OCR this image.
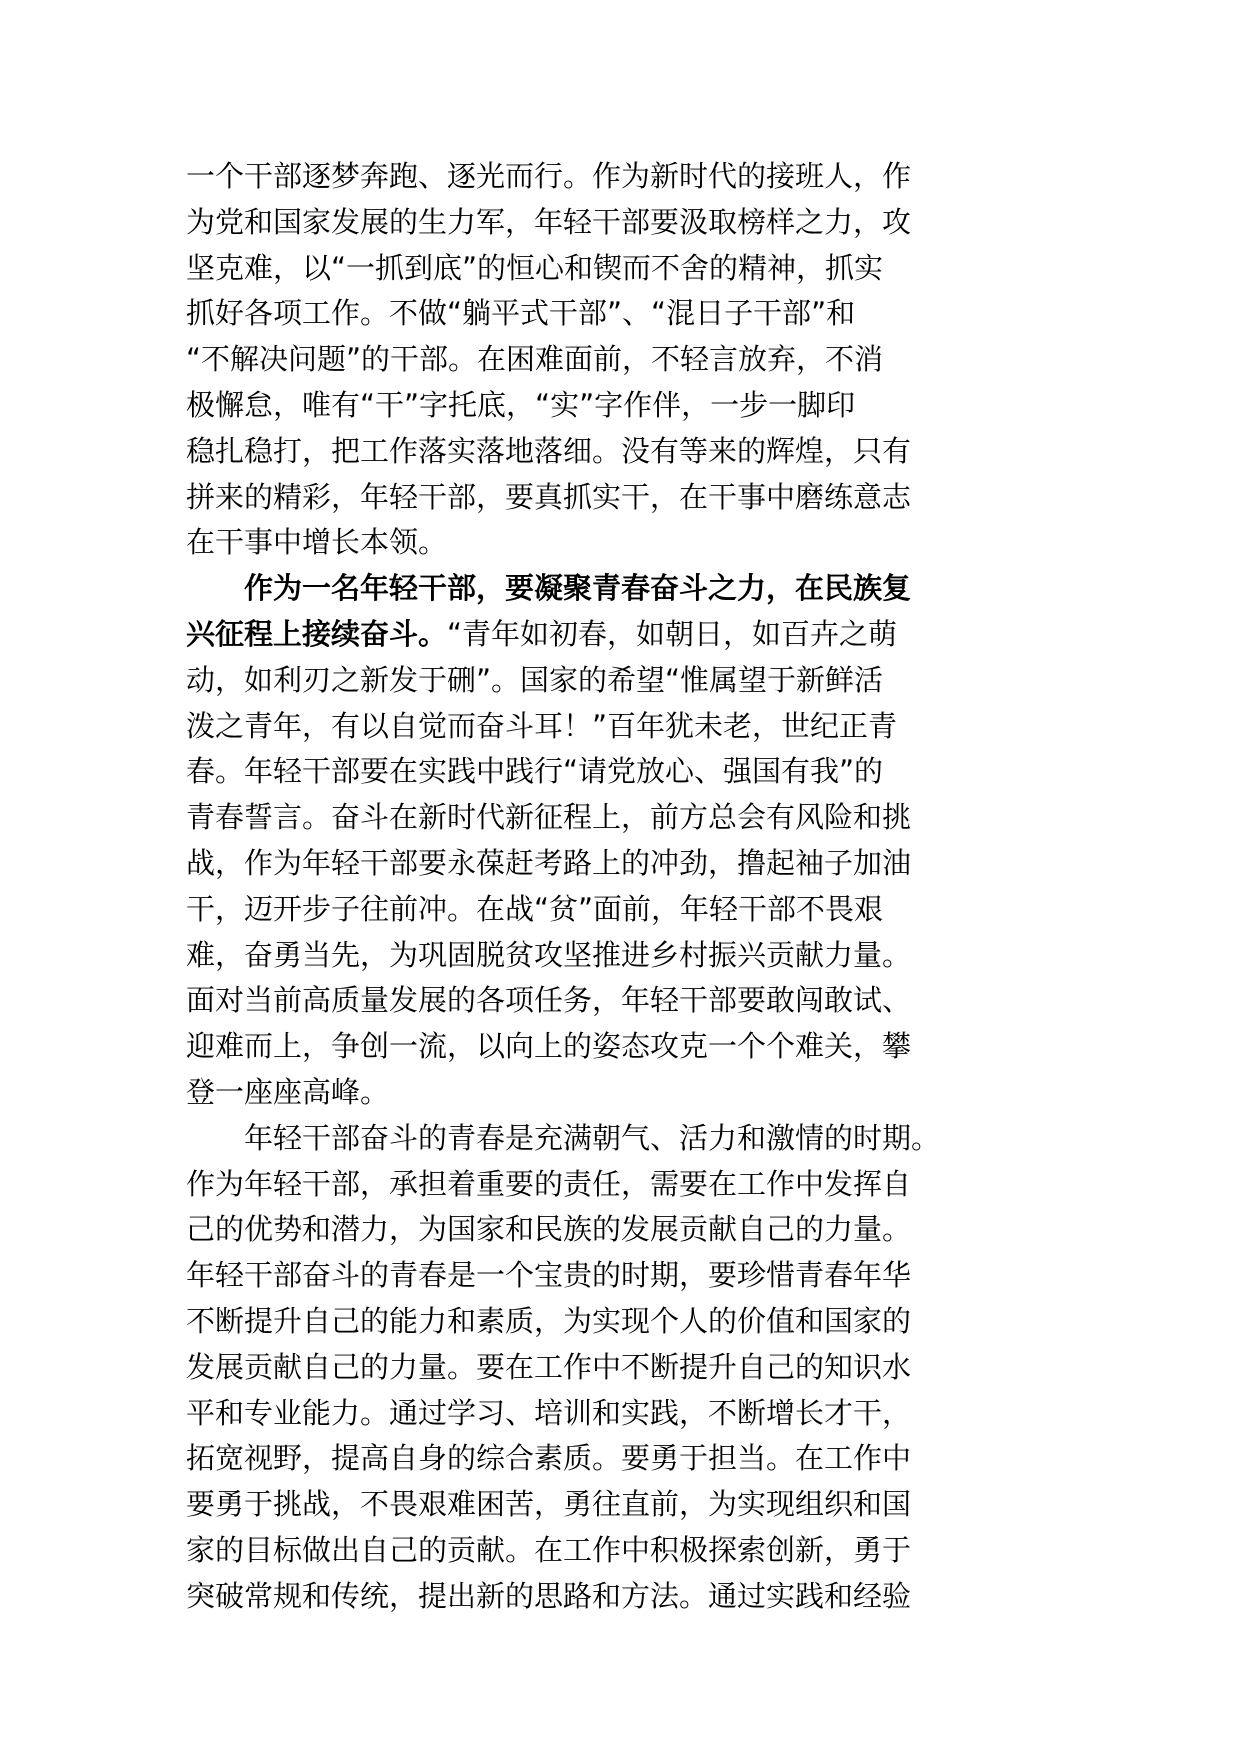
一个干部逐梦奔跑、逐光而行。作为新时代的接班人，作
为党和国家发展的生力军，年轻干部要汲取榜样之力，攻
坚克难，以“一抓到底”的恒心和锲而不舍的精神，抓实
抓好各项工作。不做“躺平式干部”、“混日子干部”和
“不解决问题”的干部。在困难面前，不轻言放弃，不消
极懈怠，唯有“干”字托底，“实”字作伴，一步一脚印
稳扎稳打，把工作落实落地落细。没有等来的辉煌，只有
拼来的精彩，年轻干部，要真抓实干，在干事中磨练意志
在干事中增长本领。
作为一名年轻干部，要凝聚青春奋斗之力，在民族复
兴征程上接续奋斗。“青年如初春，如朝日，如百卉之萌
动，如利刃之新发于硎”。国家的希望“惟属望于新鲜活
泼之青年，有以自觉而奋斗耳！”百年犹未老，世纪正青
春。年轻干部要在实践中践行“请党放心、强国有我”的
青春誓言。奋斗在新时代新征程上，前方总会有风险和挑
战，作为年轻干部要永葆赶考路上的冲劲，撸起袖子加油
干，迈开步子往前冲。在战“贫”面前，年轻干部不畏艰
难，奋勇当先，为巩固脱贫攻坚推进乡村振兴贡献力量。
面对当前高质量发展的各项任务，年轻干部要敢闯敢试、
迎难而上，争创一流，以向上的姿态攻克一个个难关，攀
登一座座高峰。
年轻干部奋斗的青春是充满朝气、活力和激情的时期。
作为年轻干部，承担着重要的责任，需要在工作中发挥自
己的优势和潜力，为国家和民族的发展贡献自己的力量。
年轻干部奋斗的青春是一个宝贵的时期，要珍惜青春年华
不断提升自己的能力和素质，为实现个人的价值和国家的
发展贡献自己的力量。要在工作中不断提升自己的知识水
平和专业能力。通过学习、培训和实践，不断增长才干，
拓宽视野，提高自身的综合素质。要勇于担当。在工作中
要勇于挑战，不畏艰难困苦，勇往直前，为实现组织和国
家的目标做出自己的贡献。在工作中积极探索创新，勇于
突破常规和传统，提出新的思路和方法。通过实践和经验
